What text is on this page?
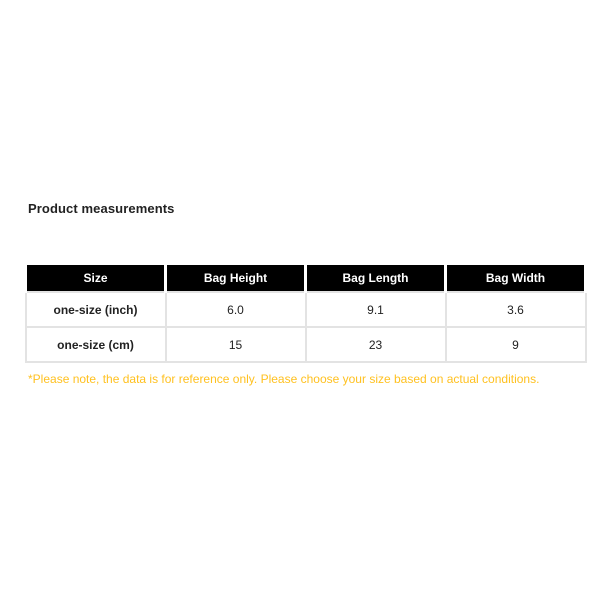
Product measurements
Size	Bag Height	Bag Length	Bag Width
one-size (inch)	6.0	9.1	3.6
one-size (cm)	15	23	9

*Please note, the data is for reference only. Please choose your size based on actual conditions.
